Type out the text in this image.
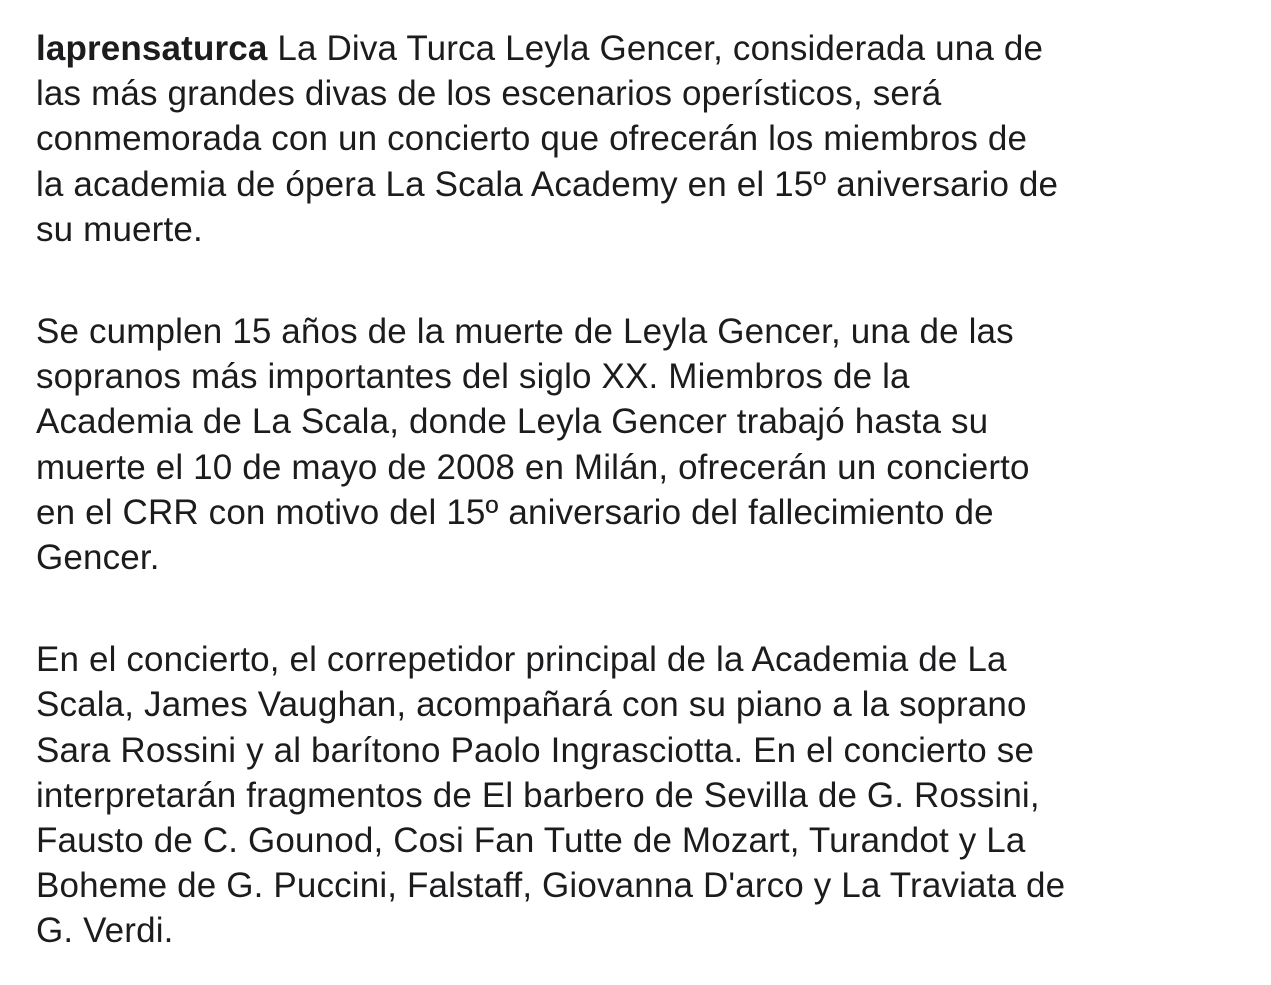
laprensaturca La Diva Turca Leyla Gencer, considerada una de
las más grandes divas de los escenarios operísticos, será
conmemorada con un concierto que ofrecerán los miembros de
la academia de ópera La Scala Academy en el 15º aniversario de
su muerte.

Se cumplen 15 años de la muerte de Leyla Gencer, una de las
sopranos más importantes del siglo XX. Miembros de la
Academia de La Scala, donde Leyla Gencer trabajó hasta su
muerte el 10 de mayo de 2008 en Milán, ofrecerán un concierto
en el CRR con motivo del 15º aniversario del fallecimiento de
Gencer.

En el concierto, el correpetidor principal de la Academia de La
Scala, James Vaughan, acompañará con su piano a la soprano
Sara Rossini y al barítono Paolo Ingrasciotta. En el concierto se
interpretarán fragmentos de El barbero de Sevilla de G. Rossini,
Fausto de C. Gounod, Cosi Fan Tutte de Mozart, Turandot y La
Boheme de G. Puccini, Falstaff, Giovanna D'arco y La Traviata de
G. Verdi.
